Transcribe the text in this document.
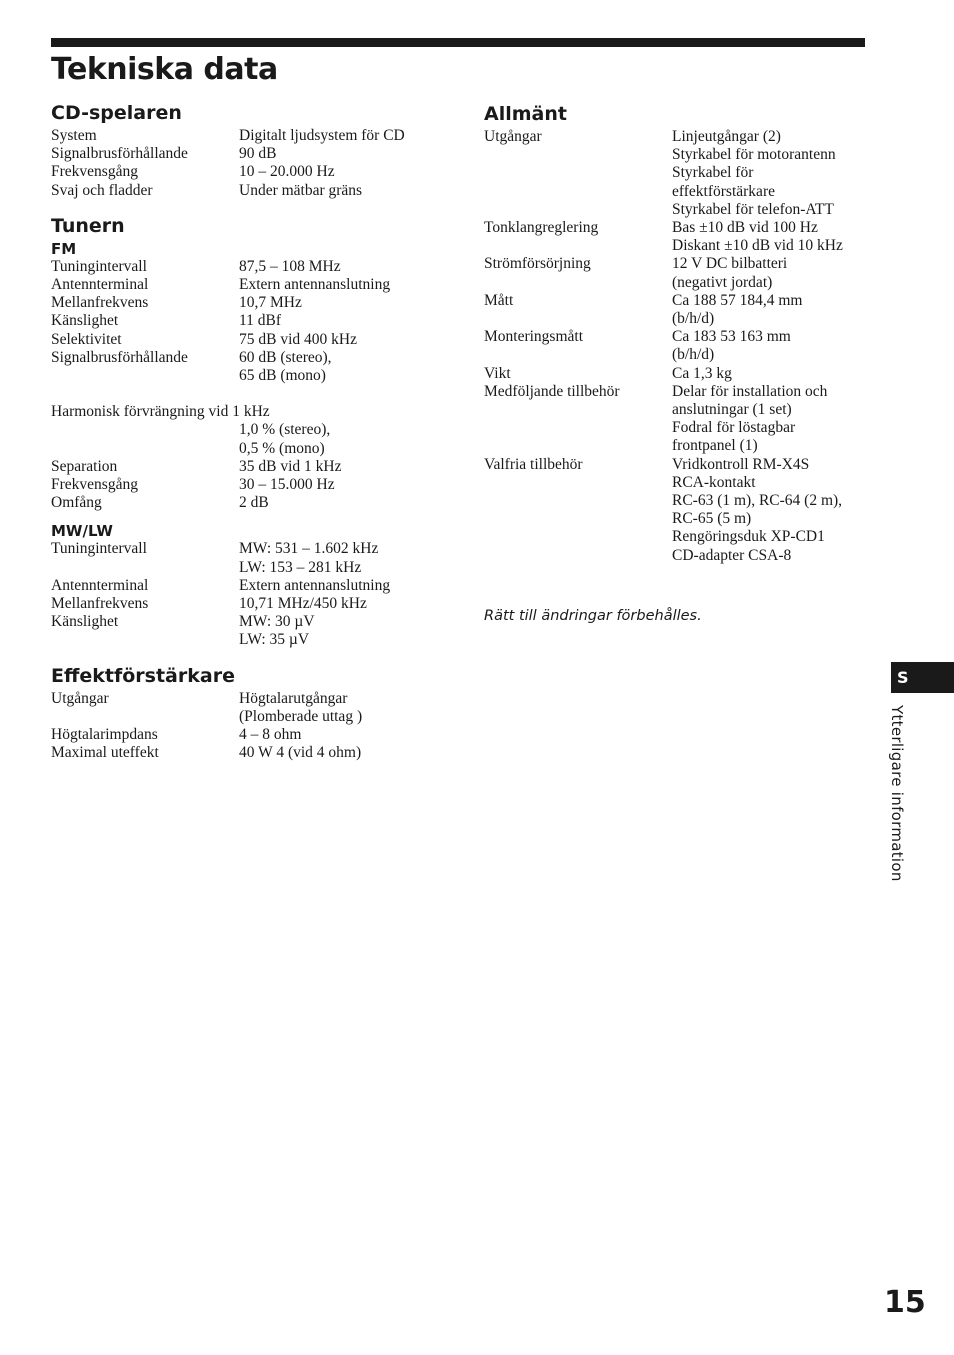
Tekniska data
CD-spelaren
System	Digitalt ljudsystem för CD
Signalbrusförhållande	90 dB
Frekvensgång	10 – 20.000 Hz
Svaj och fladder	Under mätbar gräns
Tunern
FM
Tuningintervall	87,5 – 108 MHz
Antennterminal	Extern antennanslutning
Mellanfrekvens	10,7 MHz
Känslighet	11 dBf
Selektivitet	75 dB vid 400 kHz
Signalbrusförhållande	60 dB (stereo),
65 dB (mono)
Harmonisk förvrängning vid 1 kHz
1,0 % (stereo),
0,5 % (mono)
Separation	35 dB vid 1 kHz
Frekvensgång	30 – 15.000 Hz
Omfång	2 dB
MW/LW
Tuningintervall	MW: 531 – 1.602 kHz
LW: 153 – 281 kHz
Antennterminal	Extern antennanslutning
Mellanfrekvens	10,71 MHz/450 kHz
Känslighet	MW: 30 µV
LW: 35 µV
Effektförstärkare
Utgångar	Högtalarutgångar
(Plomberade uttag )
Högtalarimpdans	4 – 8 ohm
Maximal uteffekt	40 W 4 (vid 4 ohm)
Allmänt
Utgångar	Linjeutgångar (2)
Styrkabel för motorantenn
Styrkabel för
effektförstärkare
Styrkabel för telefon-ATT
Tonklangreglering	Bas ±10 dB vid 100 Hz
Diskant ±10 dB vid 10 kHz
Strömförsörjning	12 V DC bilbatteri
(negativt jordat)
Mått	Ca 188 57 184,4 mm
(b/h/d)
Monteringsmått	Ca 183 53 163 mm
(b/h/d)
Vikt	Ca 1,3 kg
Medföljande tillbehör	Delar för installation och
anslutningar (1 set)
Fodral för löstagbar
frontpanel (1)
Valfria tillbehör	Vridkontroll RM-X4S
RCA-kontakt
RC-63 (1 m), RC-64 (2 m),
RC-65 (5 m)
Rengöringsduk XP-CD1
CD-adapter CSA-8
Rätt till ändringar förbehålles.
S
Ytterligare information
15
